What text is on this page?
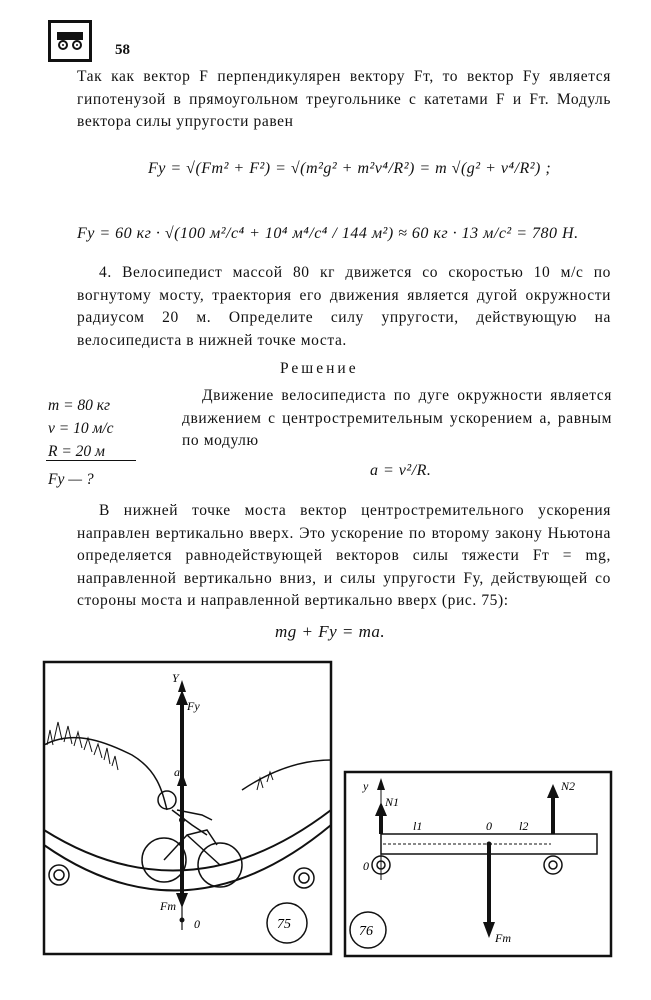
58
Так как вектор F перпендикулярен вектору Fт, то вектор Fу является гипотенузой в прямоугольном треугольнике с катетами F и Fт. Модуль вектора силы упругости равен
Fу = √(Fт² + F²) = √(m²g² + m²v⁴/R²) = m √(g² + v⁴/R²) ;
Fу = 60 кг · √(100 м²/с⁴ + 10⁴ м⁴/с⁴ / 144 м²) ≈ 60 кг · 13 м/с² = 780 Н.
4. Велосипедист массой 80 кг движется со скоростью 10 м/с по вогнутому мосту, траектория его движения является дугой окружности радиусом 20 м. Определите силу упругости, действующую на велосипедиста в нижней точке моста.
Решение
m = 80 кг
v = 10 м/с
R = 20 м
Fу — ?
Движение велосипедиста по дуге окружности является движением с центростремительным ускорением a, равным по модулю
a = v²/R.
В нижней точке моста вектор центростремительного ускорения направлен вертикально вверх. Это ускорение по второму закону Ньютона определяется равнодействующей векторов силы тяжести Fт = mg, направленной вертикально вниз, и силы упругости Fу, действующей со стороны моста и направленной вертикально вверх (рис. 75):
mg + Fу = ma.
Y
Fу
a
Fт
0	75
y
0
N1
N2
l1	l2
0
Fт
76
